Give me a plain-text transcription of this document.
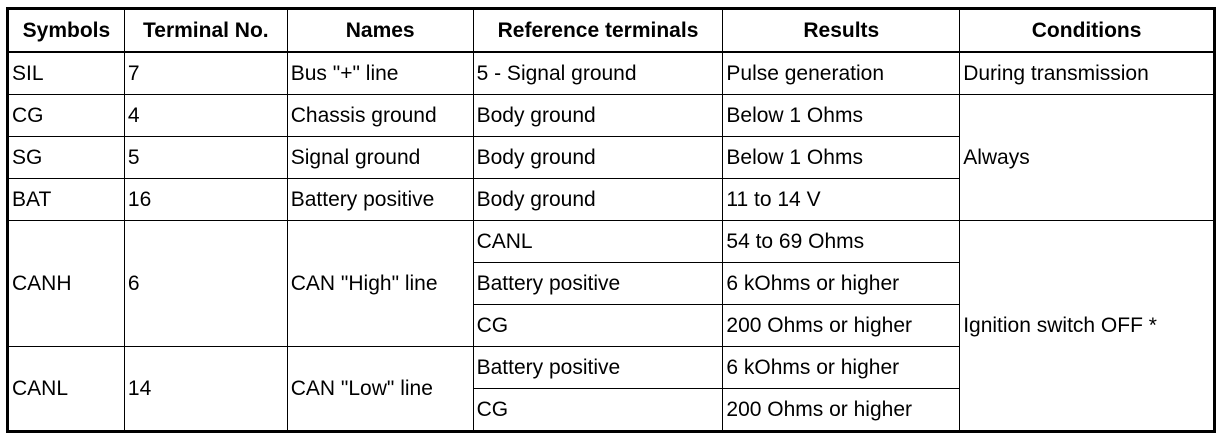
Symbols	Terminal No.	Names	Reference terminals	Results	Conditions
SIL	7	Bus "+" line	5 - Signal ground	Pulse generation	During transmission
CG	4	Chassis ground	Body ground	Below 1 Ohms	Always
SG	5	Signal ground	Body ground	Below 1 Ohms	
BAT	16	Battery positive	Body ground	11 to 14 V	
CANH	6	CAN "High" line	CANL	54 to 69 Ohms	Ignition switch OFF *
			Battery positive	6 kOhms or higher	
			CG	200 Ohms or higher	
CANL	14	CAN "Low" line	Battery positive	6 kOhms or higher	
			CG	200 Ohms or higher	
